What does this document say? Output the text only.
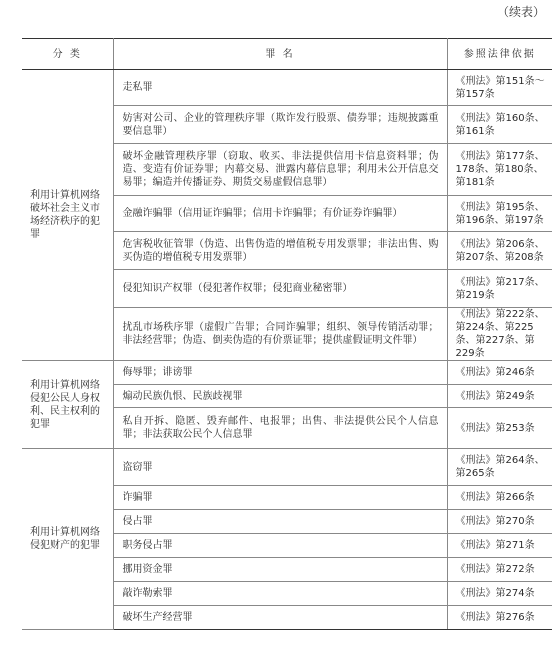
（续表）
分 类	罪 名	参照法律依据
利用计算机网络破坏社会主义市场经济秩序的犯罪	走私罪	《刑法》第151条～第157条
	妨害对公司、企业的管理秩序罪（欺诈发行股票、债券罪；违规披露重要信息罪）	《刑法》第160条、第161条
	破坏金融管理秩序罪（窃取、收买、非法提供信用卡信息资料罪；伪造、变造有价证券罪；内幕交易、泄露内幕信息罪；利用未公开信息交易罪；编造并传播证券、期货交易虚假信息罪）	《刑法》第177条、178条、第180条、第181条
	金融诈骗罪（信用证诈骗罪；信用卡诈骗罪；有价证券诈骗罪）	《刑法》第195条、第196条、第197条
	危害税收征管罪（伪造、出售伪造的增值税专用发票罪；非法出售、购买伪造的增值税专用发票罪）	《刑法》第206条、第207条、第208条
	侵犯知识产权罪（侵犯著作权罪；侵犯商业秘密罪）	《刑法》第217条、第219条
	扰乱市场秩序罪（虚假广告罪；合同诈骗罪；组织、领导传销活动罪；非法经营罪；伪造、倒卖伪造的有价票证罪；提供虚假证明文件罪）	《刑法》第222条、第224条、第225条、第227条、第229条
利用计算机网络侵犯公民人身权利、民主权利的犯罪	侮辱罪；诽谤罪	《刑法》第246条
	煽动民族仇恨、民族歧视罪	《刑法》第249条
	私自开拆、隐匿、毁弃邮件、电报罪；出售、非法提供公民个人信息罪；非法获取公民个人信息罪	《刑法》第253条
利用计算机网络侵犯财产的犯罪	盗窃罪	《刑法》第264条、第265条
	诈骗罪	《刑法》第266条
	侵占罪	《刑法》第270条
	职务侵占罪	《刑法》第271条
	挪用资金罪	《刑法》第272条
	敲诈勒索罪	《刑法》第274条
	破坏生产经营罪	《刑法》第276条
